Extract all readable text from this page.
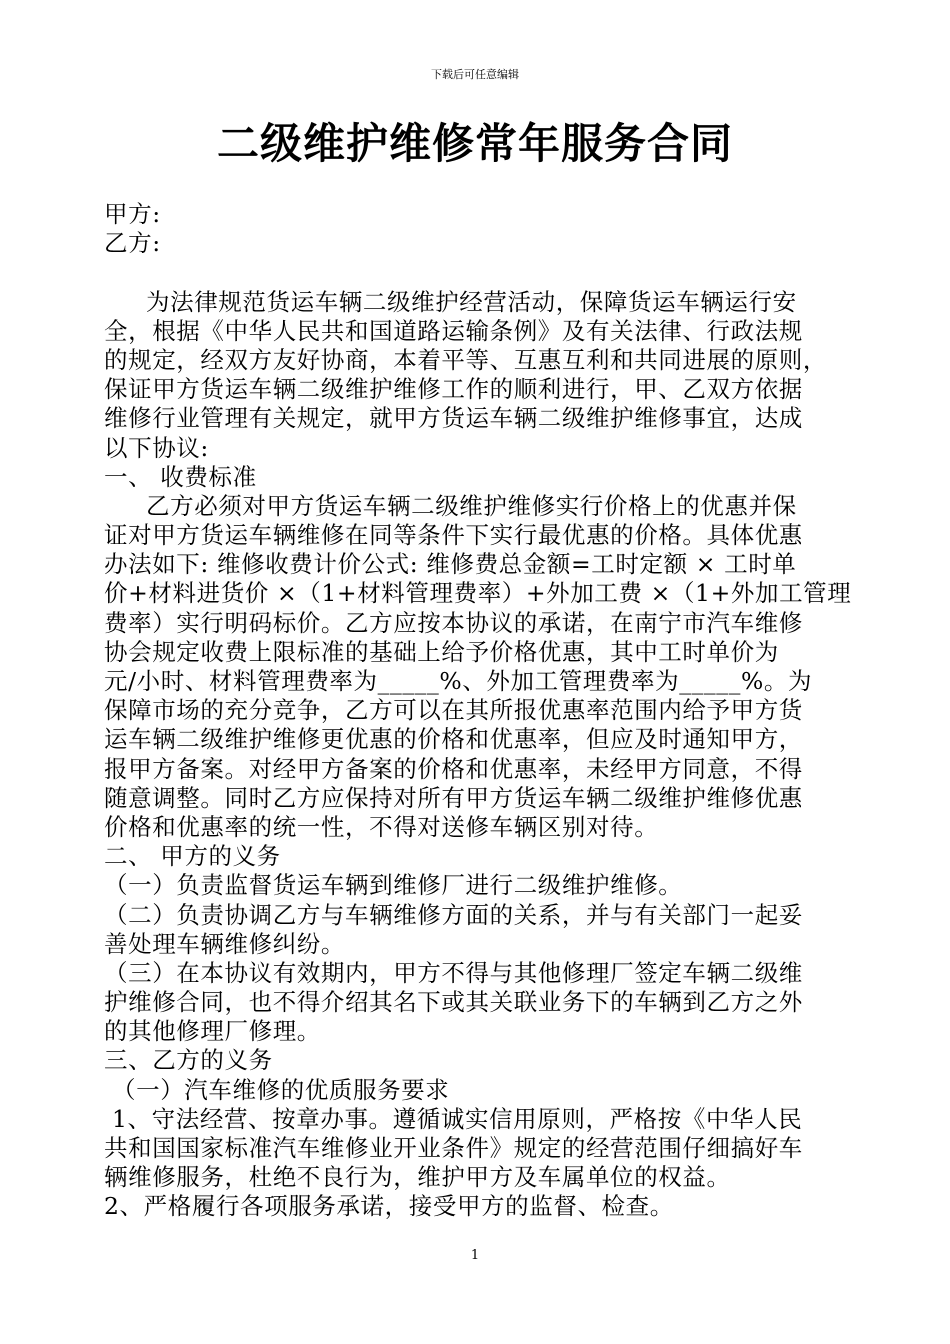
下载后可任意编辑
二级维护维修常年服务合同
甲方:
乙方:
为法律规范货运车辆二级维护经营活动，保障货运车辆运行安
全，根据《中华人民共和国道路运输条例》及有关法律、行政法规
的规定，经双方友好协商，本着平等、互惠互利和共同进展的原则，
保证甲方货运车辆二级维护维修工作的顺利进行，甲、乙双方依据
维修行业管理有关规定，就甲方货运车辆二级维护维修事宜，达成
以下协议:
一、 收费标准
乙方必须对甲方货运车辆二级维护维修实行价格上的优惠并保
证对甲方货运车辆维修在同等条件下实行最优惠的价格。具体优惠
办法如下: 维修收费计价公式: 维修费总金额=工时定额 × 工时单
价+材料进货价 ×（1+材料管理费率）+外加工费 ×（1+外加工管理
费率）实行明码标价。乙方应按本协议的承诺，在南宁市汽车维修
协会规定收费上限标准的基础上给予价格优惠，其中工时单价为
元/小时、材料管理费率为_____%、外加工管理费率为_____%。为
保障市场的充分竞争，乙方可以在其所报优惠率范围内给予甲方货
运车辆二级维护维修更优惠的价格和优惠率，但应及时通知甲方，
报甲方备案。对经甲方备案的价格和优惠率，未经甲方同意，不得
随意调整。同时乙方应保持对所有甲方货运车辆二级维护维修优惠
价格和优惠率的统一性，不得对送修车辆区别对待。
二、 甲方的义务
（一）负责监督货运车辆到维修厂进行二级维护维修。
（二）负责协调乙方与车辆维修方面的关系，并与有关部门一起妥
善处理车辆维修纠纷。
（三）在本协议有效期内，甲方不得与其他修理厂签定车辆二级维
护维修合同，也不得介绍其名下或其关联业务下的车辆到乙方之外
的其他修理厂修理。
三、乙方的义务
（一）汽车维修的优质服务要求
1、守法经营、按章办事。遵循诚实信用原则，严格按《中华人民
共和国国家标准汽车维修业开业条件》规定的经营范围仔细搞好车
辆维修服务，杜绝不良行为，维护甲方及车属单位的权益。
2、严格履行各项服务承诺，接受甲方的监督、检查。
1
